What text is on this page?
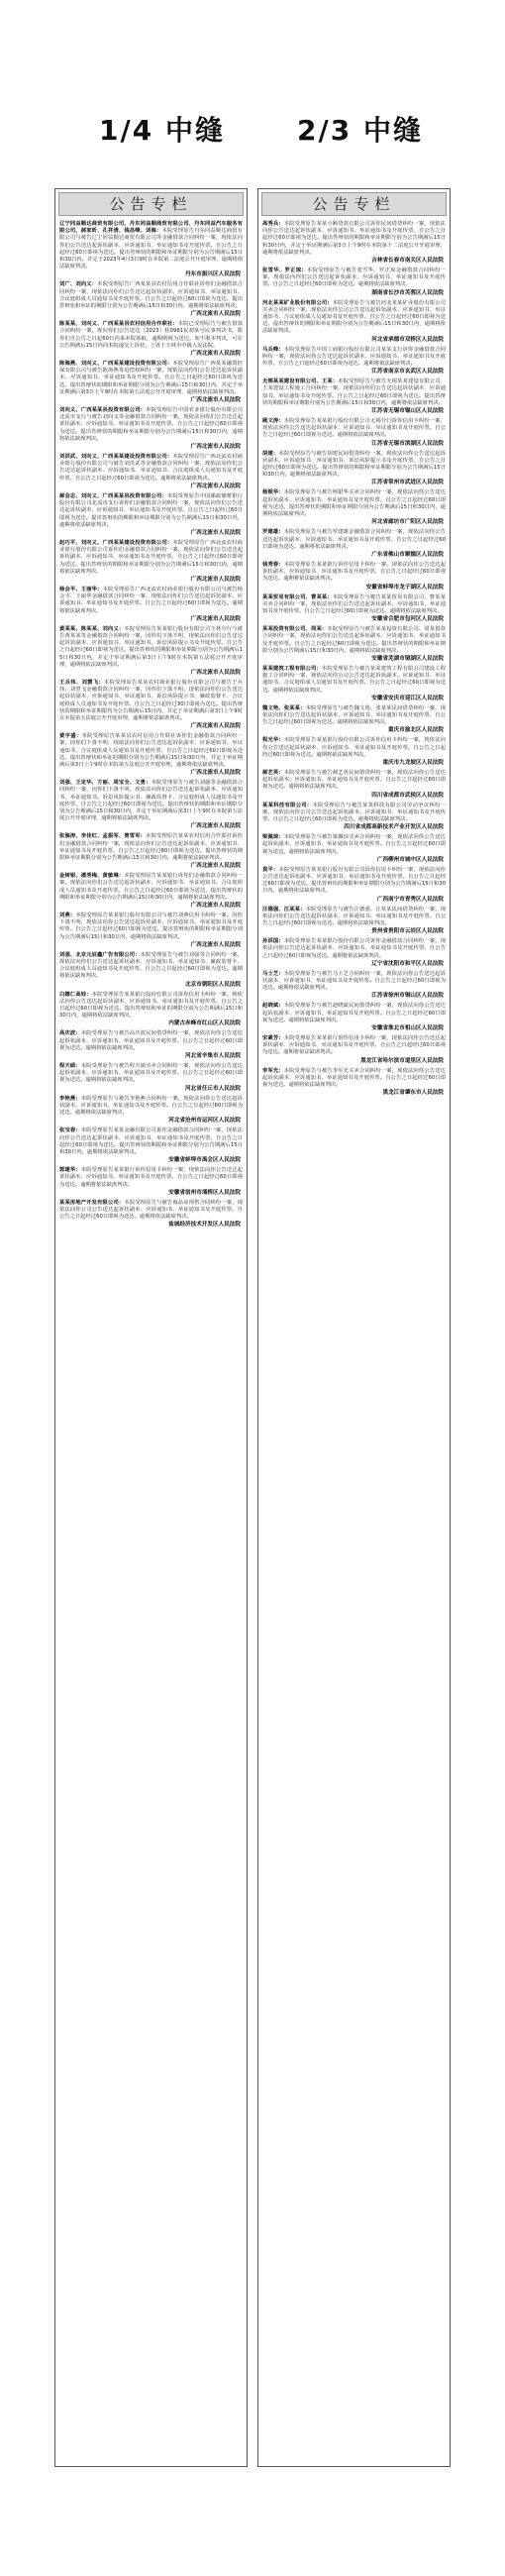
1/4 中缝	2/3 中缝
公告专栏
辽宁同益顺达商贸有限公司、丹东同益顺商贸有限公司、丹东同益汽车服务有限公司、郝家昕、孔祥清、钱昌峰、刘海：本院受理原告丹东同益顺达商贸有限公司与被告辽宁同益顺达商贸有限公司等金融借款合同纠纷一案，现依法向你们公告送达起诉状副本、应诉通知书、举证通知书及开庭传票。自公告之日起经过60日即视为送达。提出答辩状的期限和举证期限分别为公告期满后15日和30日内。并定于2023年4月3日9时在本院第二法庭公开开庭审理，逾期将依法缺席判决。
丹东市振兴区人民法院
刘广、刘向义：本院受理原告广西某某县农村信用合作联社诉你们金融借款合同纠纷一案，现依法向你们公告送达起诉状副本、应诉通知书、举证通知书、合议庭组成人员通知书及开庭传票。自公告之日起经过60日即视为送达。提出答辩状和举证的期限分别为公告期满后15日和30日内，逾期将依法缺席判决。
广西北流市人民法院
陈某某、刘向义、广西某某县农村信用合作联社：本院已受理原告与被告借款合同纠纷一案，现向你们公告送达（2023）桂0981民初某号民事判决书。限你们自公告之日起60日内来本院领取，逾期则视为送达。如不服本判决，可在公告期满后15日内向本院递交上诉状，上诉于玉林市中级人民法院。
广西北流市人民法院
陈海燕、刘向义、广西某某建设投资有限公司：本院受理原告广西某某融资担保有限公司与被告陈海燕等追偿权纠纷一案，现依法向你们公告送达起诉状副本、应诉通知书、举证通知书及开庭传票。自公告之日起经过60日即视为送达。提出答辩状的期限和举证期限分别为公告期满后15日和30日内，并定于举证期满后第3日上午9时在本院第五法庭公开开庭审理，逾期将依法缺席判决。
广西北流市人民法院
刘向义、广西某某县投资有限公司：本院受理原告中国农业银行股份有限公司北流市支行与被告刘向义等金融借款合同纠纷一案，现依法向你们公告送达起诉状副本、应诉通知书、举证通知书及开庭传票。自公告之日起经过60日即视为送达。提出答辩状的期限和举证期限分别为公告期满后15日和30日内，逾期将依法缺席判决。
广西北流市人民法院
刘洪武、刘向义、广西某某建设投资有限公司：本院受理原告广西北流农村商业银行股份有限公司与被告刘洪武等金融借款合同纠纷一案，现依法向你们公告送达起诉状副本、应诉通知书、举证通知书、合议庭组成人员通知书及开庭传票。自公告之日起经过60日即视为送达。逾期将依法缺席判决。
广西北流市人民法院
郝会志、刘向义、广西某某县投资有限公司：本院受理原告中国邮政储蓄银行股份有限公司北流市支行诉你们金融借款合同纠纷一案，现依法向你们公告送达起诉状副本、应诉通知书、举证通知书及开庭传票。自公告之日起经过60日即视为送达。提出答辩状的期限和举证期限分别为公告期满后15日和30日内，逾期将依法缺席判决。
广西北流市人民法院
赵巧平、刘向义、广西某某建设投资有限公司：本院受理原告广西北流农村商业银行股份有限公司诉你们金融借款合同纠纷一案，现依法向你们公告送达起诉状副本、应诉通知书、举证通知书及开庭传票。自公告之日起经过60日即视为送达。提出答辩状的期限和举证期限分别为公告期满后15日和30日内，逾期将依法缺席判决。
广西北流市人民法院
杨会平、王丽华：本院受理原告广西北流农村商业银行股份有限公司与被告杨会平、王丽华金融借款合同纠纷一案，现依法向你们公告送达起诉状副本、应诉通知书、举证通知书及开庭传票。自公告之日起经过60日即视为送达。逾期将依法缺席判决。
广西北流市人民法院
黄某某、陈某某、刘向义：本院受理原告某某银行股份有限公司玉林分行与被告黄某某等金融借款合同纠纷一案，因你们下落不明，现依法向你们公告送达起诉状副本、应诉通知书、举证通知书、诉讼风险提示书及开庭传票。自公告之日起经过60日即视为送达。提出答辩状的期限和举证期限分别为公告期满后15日和30日内，并定于举证期满后第3日上午9时在本院第五法庭公开开庭审理，逾期将依法缺席判决。
广西北流市人民法院
王兵伟、刘慧飞：本院受理原告某某农村商业银行股份有限公司与被告王兵伟、刘慧飞金融借款合同纠纷一案，因你们下落不明，现依法向你们公告送达起诉状副本、应诉通知书、举证通知书、诉讼风险提示书、廉政监督卡、合议庭组成人员通知书及开庭传票。自公告之日起经过30日即视为送达。提出答辩状的期限和举证期限均为公告期满后15日内，并定于举证期满后第3日上午9时在本院第五法庭公开开庭审理，逾期将依法缺席判决。
广西北流市人民法院
黄宇盛：本院受理原告某某县农村信用合作联社诉你们金融借款合同纠纷一案，因你们下落不明，现依法向你们公告送达起诉状副本、应诉通知书、举证通知书、合议庭组成人员通知书及开庭传票。自公告之日起经过60日即视为送达。提出答辩状和举证的期限分别为公告期满后15日和30日内，并定于举证期满后第3日上午9时在本院第五法庭公开开庭审理，逾期将依法缺席判决。
广西北流市人民法院
刘强、王定华、方丽、周宝全、文勇：本院受理原告与被告刘强等金融借款合同纠纷一案，因你们下落不明，现依法向你们公告送达起诉状副本、应诉通知书、举证通知书、诉讼风险提示书、廉政监督卡、合议庭组成人员通知书及开庭传票。自公告之日起经过60日即视为送达。提出答辩状的期限和举证期限分别为公告期满后15日和30日内，并定于举证期满后第3日上午9时在本院第五法庭公开开庭审理，逾期将依法缺席判决。
广西北流市人民法院
张海涛、李佳红、孟振军、曾雪军：本院受理原告某某农村信用合作联社诉你们金融借款合同纠纷一案，现依法向你们公告送达起诉状副本、应诉通知书、举证通知书及开庭传票。自公告之日起经过60日即视为送达。提出答辩状的期限和举证期限分别为公告期满后15日和30日内，逾期将依法缺席判决。
广西北流市人民法院
金树银、潘秀梅、黄敏琳：本院受理原告某某银行诉你们金融借款合同纠纷一案，现依法向你们公告送达起诉状副本、应诉通知书、举证通知书、合议庭组成人员通知书及开庭传票。自公告之日起经过60日即视为送达。提出答辩状的期限和举证期限分别为公告期满后15日和30日内，逾期将依法缺席判决。
广西北流市人民法院
刘燕：本院受理原告某某银行股份有限公司与被告刘燕信用卡纠纷一案，因你下落不明，现依法向你公告送达起诉状副本、应诉通知书、举证通知书及开庭传票。自公告之日起经过60日即视为送达。提出答辩状的期限和举证期限分别为公告期满后15日和30日内，逾期将依法缺席判决。
广西北流市人民法院
刘强、北京元辰鑫广告有限公司：本院受理原告与被告刘强等合同纠纷一案，现依法向你们公告送达起诉状副本、应诉通知书、举证通知书、廉政监督卡、合议庭组成人员通知书及开庭传票。自公告之日起经过60日即视为送达。逾期将依法缺席判决。
北京市朝阳区人民法院
白娜仁高娃：本院受理原告某某银行股份有限公司诉你信用卡纠纷一案，现依法向你公告送达起诉状副本、应诉通知书、举证通知书及开庭传票。自公告之日起经过60日即视为送达。提出答辩状和举证的期限分别为公告期满后15日和30日内，逾期将依法缺席判决。
内蒙古赤峰市红山区人民法院
高庆波：本院受理原告与被告高庆波民间借贷纠纷一案，现依法向你公告送达起诉状副本、应诉通知书、举证通知书及开庭传票。自公告之日起经过60日即视为送达。逾期将依法缺席判决。
河北省辛集市人民法院
程天硕：本院受理原告与被告程天硕买卖合同纠纷一案，现依法向你公告送达起诉状副本、应诉通知书、举证通知书及开庭传票。自公告之日起经过60日即视为送达。逾期将依法缺席判决。
河北省任丘市人民法院
李艳燕：本院受理原告与被告李艳燕合同纠纷一案，现依法向你公告送达起诉状副本、应诉通知书、举证通知书及开庭传票。自公告之日起经过60日即视为送达。逾期将依法缺席判决。
河北省沧州市运河区人民法院
张宝春：本院受理原告某某金融有限公司诉你金融借款合同纠纷一案，现依法向你公告送达起诉状副本、应诉通知书、举证通知书及开庭传票。自公告之日起经过60日即视为送达。提出答辩状的期限和举证期限分别为公告期满后15日和30日内，逾期将依法缺席判决。
安徽省蚌埠市禹会区人民法院
郭建华：本院受理原告某某银行诉你信用卡纠纷一案，现依法向你公告送达起诉状副本、应诉通知书、举证通知书及开庭传票。自公告之日起经过60日即视为送达。逾期将依法缺席判决。
安徽省宿州市埇桥区人民法院
某某房地产开发有限公司：本院受理原告与被告商品房预售合同纠纷一案，现依法向你公司公告送达起诉状副本、应诉通知书、举证通知书及开庭传票。自公告之日起经过60日即视为送达。逾期将依法缺席判决。
盐城经济技术开发区人民法院
公告专栏
高秀兵：本院受理原告某某小额贷款有限公司诉你民间借贷纠纷一案，现依法向你公告送达起诉状副本、应诉通知书、举证通知书及开庭传票。自公告之日起经过60日即视为送达。提出答辩状的期限和举证期限分别为公告期满后15日和30日内，并定于举证期满后第3日上午9时在本院第十二法庭公开开庭审理，逾期将依法缺席判决。
吉林省长春市南关区人民法院
张雪华、罗正琼：本院受理原告与被告张雪华、罗正琼金融借款合同纠纷一案，现依法向你们公告送达起诉状副本、应诉通知书、举证通知书及开庭传票。自公告之日起经过60日即视为送达。逾期将依法缺席判决。
湖南省长沙市芙蓉区人民法院
河北某某矿业股份有限公司：本院受理原告与被告河北某某矿业股份有限公司买卖合同纠纷一案，现依法向你公司公告送达起诉状副本、应诉通知书、举证通知书、合议庭组成人员通知书及开庭传票。自公告之日起经过60日即视为送达。提出答辩状的期限和举证期限分别为公告期满后15日和30日内，逾期将依法缺席判决。
河北省承德市双桥区人民法院
马兵峰：本院受理原告中国工商银行股份有限公司某某支行诉你金融借款合同纠纷一案，现依法向你公告送达起诉状副本、应诉通知书、举证通知书及开庭传票。自公告之日起经过60日即视为送达。逾期将依法缺席判决。
江苏省南京市玄武区人民法院
无锡某某建设有限公司、王某：本院受理原告与被告无锡某某建设有限公司、王某建设工程施工合同纠纷一案，现依法向你们公告送达起诉状副本、应诉通知书、举证通知书及开庭传票。自公告之日起经过60日即视为送达。提出答辩状的期限和举证期限分别为公告期满后15日和30日内，逾期将依法缺席判决。
江苏省无锡市锡山区人民法院
顾文涛：本院受理原告某某银行股份有限公司无锡分行诉你信用卡纠纷一案，现依法向你公告送达起诉状副本、应诉通知书、举证通知书及开庭传票。自公告之日起经过60日即视为送达。逾期将依法缺席判决。
江苏省无锡市滨湖区人民法院
胡建：本院受理原告与被告胡建民间借贷纠纷一案，现依法向你公告送达起诉状副本、应诉通知书、举证通知书、诉讼风险提示书及开庭传票。自公告之日起经过60日即视为送达。提出答辩状的期限和举证期限分别为公告期满后15日和30日内，逾期将依法缺席判决。
江苏省常州市武进区人民法院
杨银华：本院受理原告与被告杨银华买卖合同纠纷一案，现依法向你公告送达起诉状副本、应诉通知书、举证通知书及开庭传票。自公告之日起经过60日即视为送达。提出答辩状的期限和举证期限分别为公告期满后15日和30日内，逾期将依法缺席判决。
河北省廊坊市广阳区人民法院
罗建雄：本院受理原告与被告罗建雄金融借款合同纠纷一案，现依法向你公告送达起诉状副本、应诉通知书、举证通知书及开庭传票。自公告之日起经过60日即视为送达。逾期将依法缺席判决。
广东省佛山市顺德区人民法院
钱秀春：本院受理原告某某银行诉你信用卡纠纷一案，现依法向你公告送达起诉状副本、应诉通知书、举证通知书及开庭传票。自公告之日起经过60日即视为送达。逾期将依法缺席判决。
安徽省蚌埠市龙子湖区人民法院
某某贸易有限公司、曹某某：本院受理原告与被告某某贸易有限公司、曹某某买卖合同纠纷一案，现依法向你们公告送达起诉状副本、应诉通知书、举证通知书及开庭传票。自公告之日起经过60日即视为送达。逾期将依法缺席判决。
安徽省合肥市包河区人民法院
某某投资有限公司、周某：本院受理原告与被告某某投资有限公司、周某借款合同纠纷一案，现依法向你们公告送达起诉状副本、应诉通知书、举证通知书及开庭传票。自公告之日起经过60日即视为送达。提出答辩状的期限和举证期限分别为公告期满后15日和30日内，逾期将依法缺席判决。
安徽省芜湖市镜湖区人民法院
某某建筑工程有限公司：本院受理原告与被告某某建筑工程有限公司建设工程施工合同纠纷一案，现依法向你公司公告送达起诉状副本、应诉通知书、举证通知书、合议庭组成人员通知书及开庭传票。自公告之日起经过60日即视为送达。逾期将依法缺席判决。
安徽省安庆市迎江区人民法院
魏文艳、张某某：本院受理原告与被告魏文艳、张某某民间借贷纠纷一案，现依法向你们公告送达起诉状副本、应诉通知书、举证通知书及开庭传票。自公告之日起经过60日即视为送达。逾期将依法缺席判决。
重庆市渝北区人民法院
程光华：本院受理原告某某银行股份有限公司诉你信用卡纠纷一案，现依法向你公告送达起诉状副本、应诉通知书、举证通知书及开庭传票。自公告之日起经过60日即视为送达。逾期将依法缺席判决。
重庆市九龙坡区人民法院
郝艺英：本院受理原告与被告郝艺英民间借贷纠纷一案，现依法向你公告送达起诉状副本、应诉通知书、举证通知书及开庭传票。自公告之日起经过60日即视为送达。逾期将依法缺席判决。
四川省成都市武侯区人民法院
某某科技有限公司：本院受理原告与被告某某科技有限公司劳动争议纠纷一案，现依法向你公司公告送达起诉状副本、应诉通知书、举证通知书及开庭传票。自公告之日起经过60日即视为送达。逾期将依法缺席判决。
四川省成都高新技术产业开发区人民法院
梁佩琼：本院受理原告与被告梁佩琼买卖合同纠纷一案，现依法向你公告送达起诉状副本、应诉通知书、举证通知书及开庭传票。自公告之日起经过60日即视为送达。逾期将依法缺席判决。
广西柳州市城中区人民法院
袁平：本院受理原告某某银行股份有限公司诉你信用卡纠纷一案，现依法向你公告送达起诉状副本、应诉通知书、举证通知书及开庭传票。自公告之日起经过60日即视为送达。提出答辩状的期限和举证期限分别为公告期满后15日和30日内，逾期将依法缺席判决。
广西南宁市青秀区人民法院
汪德强、汪某某：本院受理原告与被告汪德强、汪某某民间借贷纠纷一案，现依法向你们公告送达起诉状副本、应诉通知书、举证通知书及开庭传票。自公告之日起经过60日即视为送达。逾期将依法缺席判决。
贵州省贵阳市云岩区人民法院
孙洪国：本院受理原告某某银行股份有限公司诉你金融借款合同纠纷一案，现依法向你公告送达起诉状副本、应诉通知书、举证通知书及开庭传票。自公告之日起经过60日即视为送达。逾期将依法缺席判决。
辽宁省沈阳市和平区人民法院
马士芝：本院受理原告与被告马士芝合同纠纷一案，现依法向你公告送达起诉状副本、应诉通知书、举证通知书及开庭传票。自公告之日起经过60日即视为送达。逾期将依法缺席判决。
江苏省徐州市铜山区人民法院
赵晓斌：本院受理原告与被告赵晓斌民间借贷纠纷一案，现依法向你公告送达起诉状副本、应诉通知书、举证通知书及开庭传票。自公告之日起经过60日即视为送达。逾期将依法缺席判决。
安徽省淮北市相山区人民法院
宋素芳：本院受理原告某某银行诉你信用卡纠纷一案，现依法向你公告送达起诉状副本、应诉通知书、举证通知书及开庭传票。自公告之日起经过60日即视为送达。逾期将依法缺席判决。
黑龙江省哈尔滨市道里区人民法院
李军光：本院受理原告与被告李军光买卖合同纠纷一案，现依法向你公告送达起诉状副本、应诉通知书、举证通知书及开庭传票。自公告之日起经过60日即视为送达。逾期将依法缺席判决。
黑龙江省肇东市人民法院
